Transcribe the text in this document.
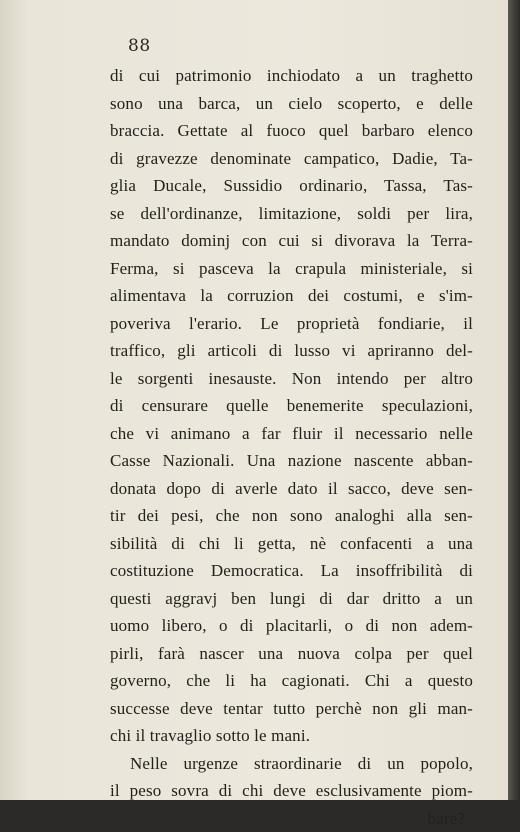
88
di cui patrimonio inchiodato a un traghetto
sono una barca, un cielo scoperto, e delle
braccia. Gettate al fuoco quel barbaro elenco
di gravezze denominate campatico, Dadie, Ta-
glia Ducale, Sussidio ordinario, Tassa, Tas-
se dell'ordinanze, limitazione, soldi per lira,
mandato dominj con cui si divorava la Terra-
Ferma, si pasceva la crapula ministeriale, si
alimentava la corruzion dei costumi, e s'im-
poveriva l'erario. Le proprietà fondiarie, il
traffico, gli articoli di lusso vi apriranno del-
le sorgenti inesauste. Non intendo per altro
di censurare quelle benemerite speculazioni,
che vi animano a far fluir il necessario nelle
Casse Nazionali. Una nazione nascente abban-
donata dopo di averle dato il sacco, deve sen-
tir dei pesi, che non sono analoghi alla sen-
sibilità di chi li getta, nè confacenti a una
costituzione Democratica. La insoffribilità di
questi aggravj ben lungi di dar dritto a un
uomo libero, o di placitarli, o di non adem-
pirli, farà nascer una nuova colpa per quel
governo, che li ha cagionati. Chi a questo
successe deve tentar tutto perchè non gli man-
chi il travaglio sotto le mani.
Nelle urgenze straordinarie di un popolo,
il peso sovra di chi deve esclusivamente piom-
bare?
